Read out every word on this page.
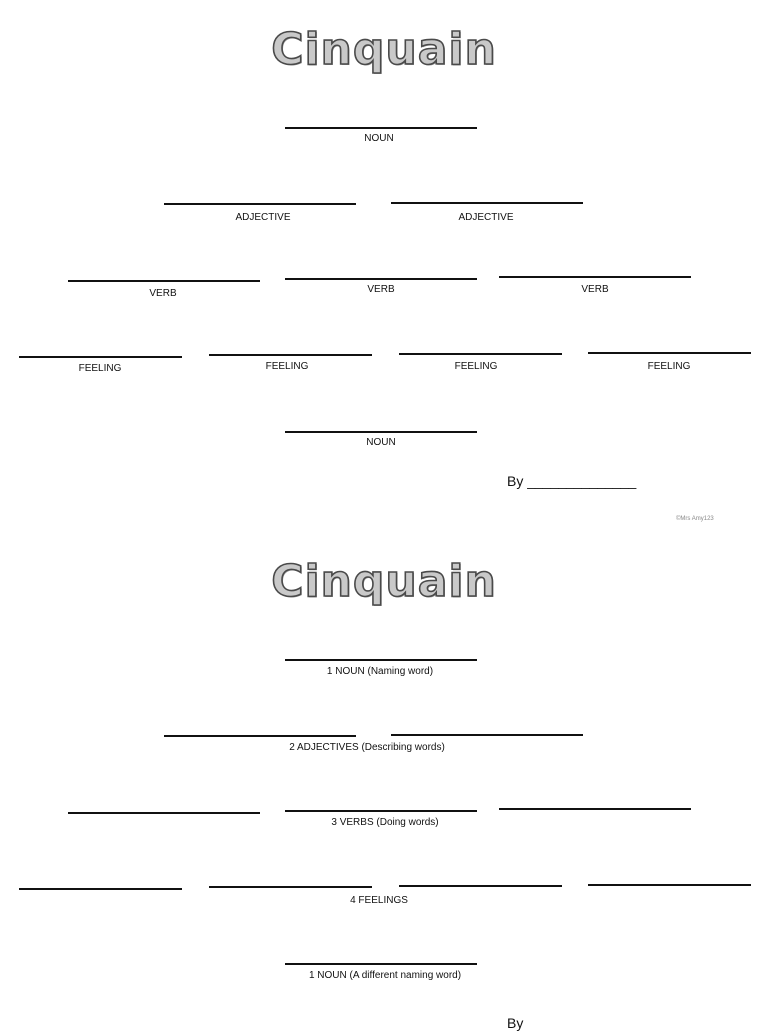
Cinquain
NOUN
ADJECTIVE	ADJECTIVE
VERB	VERB	VERB
FEELING	FEELING	FEELING	FEELING
NOUN
By ______________
©Mrs Amy123
Cinquain
1 NOUN (Naming word)
2 ADJECTIVES (Describing words)
3 VERBS (Doing words)
4 FEELINGS
1 NOUN (A different naming word)
By
